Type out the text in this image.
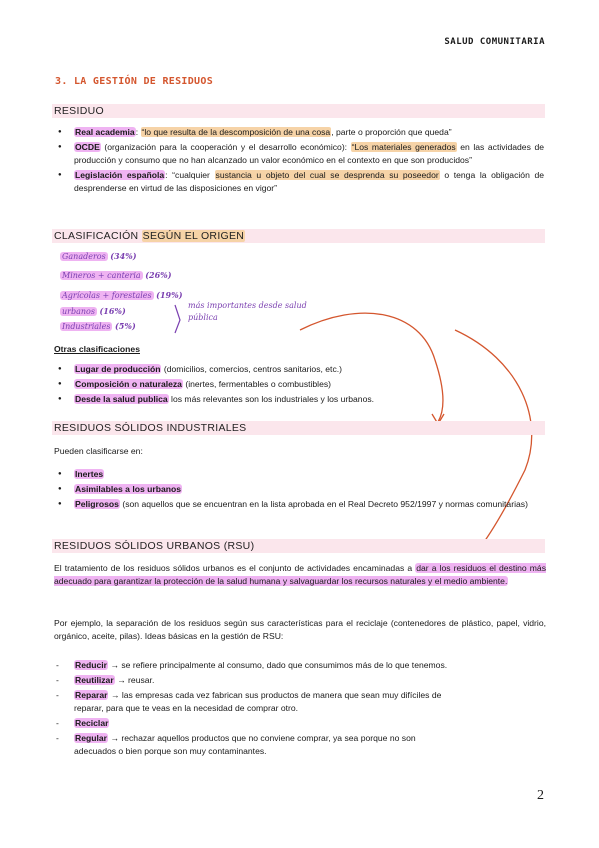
SALUD COMUNITARIA
3. LA GESTIÓN DE RESIDUOS
RESIDUO
● Real academia: “lo que resulta de la descomposición de una cosa, parte o proporción que queda”
● OCDE (organización para la cooperación y el desarrollo económico): “Los materiales generados en las actividades de producción y consumo que no han alcanzado un valor económico en el contexto en que son producidos”
● Legislación española: “cualquier sustancia u objeto del cual se desprenda su poseedor o tenga la obligación de desprenderse en virtud de las disposiciones en vigor”
CLASIFICACIÓN SEGÚN EL ORIGEN
Ganaderos (34%)
Mineros + canteria (26%)
Agrícolas + forestales (19%)
urbanos (16%)
Industriales (5%)
más importantes desde salud pública
Otras clasificaciones
● Lugar de producción (domicilios, comercios, centros sanitarios, etc.)
● Composición o naturaleza (inertes, fermentables o combustibles)
● Desde la salud publica los más relevantes son los industriales y los urbanos.
RESIDUOS SÓLIDOS INDUSTRIALES
Pueden clasificarse en:
● Inertes
● Asimilables a los urbanos
● Peligrosos (son aquellos que se encuentran en la lista aprobada en el Real Decreto 952/1997 y normas comunitarias)
RESIDUOS SÓLIDOS URBANOS (RSU)
El tratamiento de los residuos sólidos urbanos es el conjunto de actividades encaminadas a dar a los residuos el destino más adecuado para garantizar la protección de la salud humana y salvaguardar los recursos naturales y el medio ambiente.
Por ejemplo, la separación de los residuos según sus características para el reciclaje (contenedores de plástico, papel, vidrio, orgánico, aceite, pilas). Ideas básicas en la gestión de RSU:
- Reducir → se refiere principalmente al consumo, dado que consumimos más de lo que tenemos.
- Reutilizar → reusar.
- Reparar → las empresas cada vez fabrican sus productos de manera que sean muy difíciles de reparar, para que te veas en la necesidad de comprar otro.
- Reciclar
- Regular → rechazar aquellos productos que no conviene comprar, ya sea porque no son adecuados o bien porque son muy contaminantes.
2
